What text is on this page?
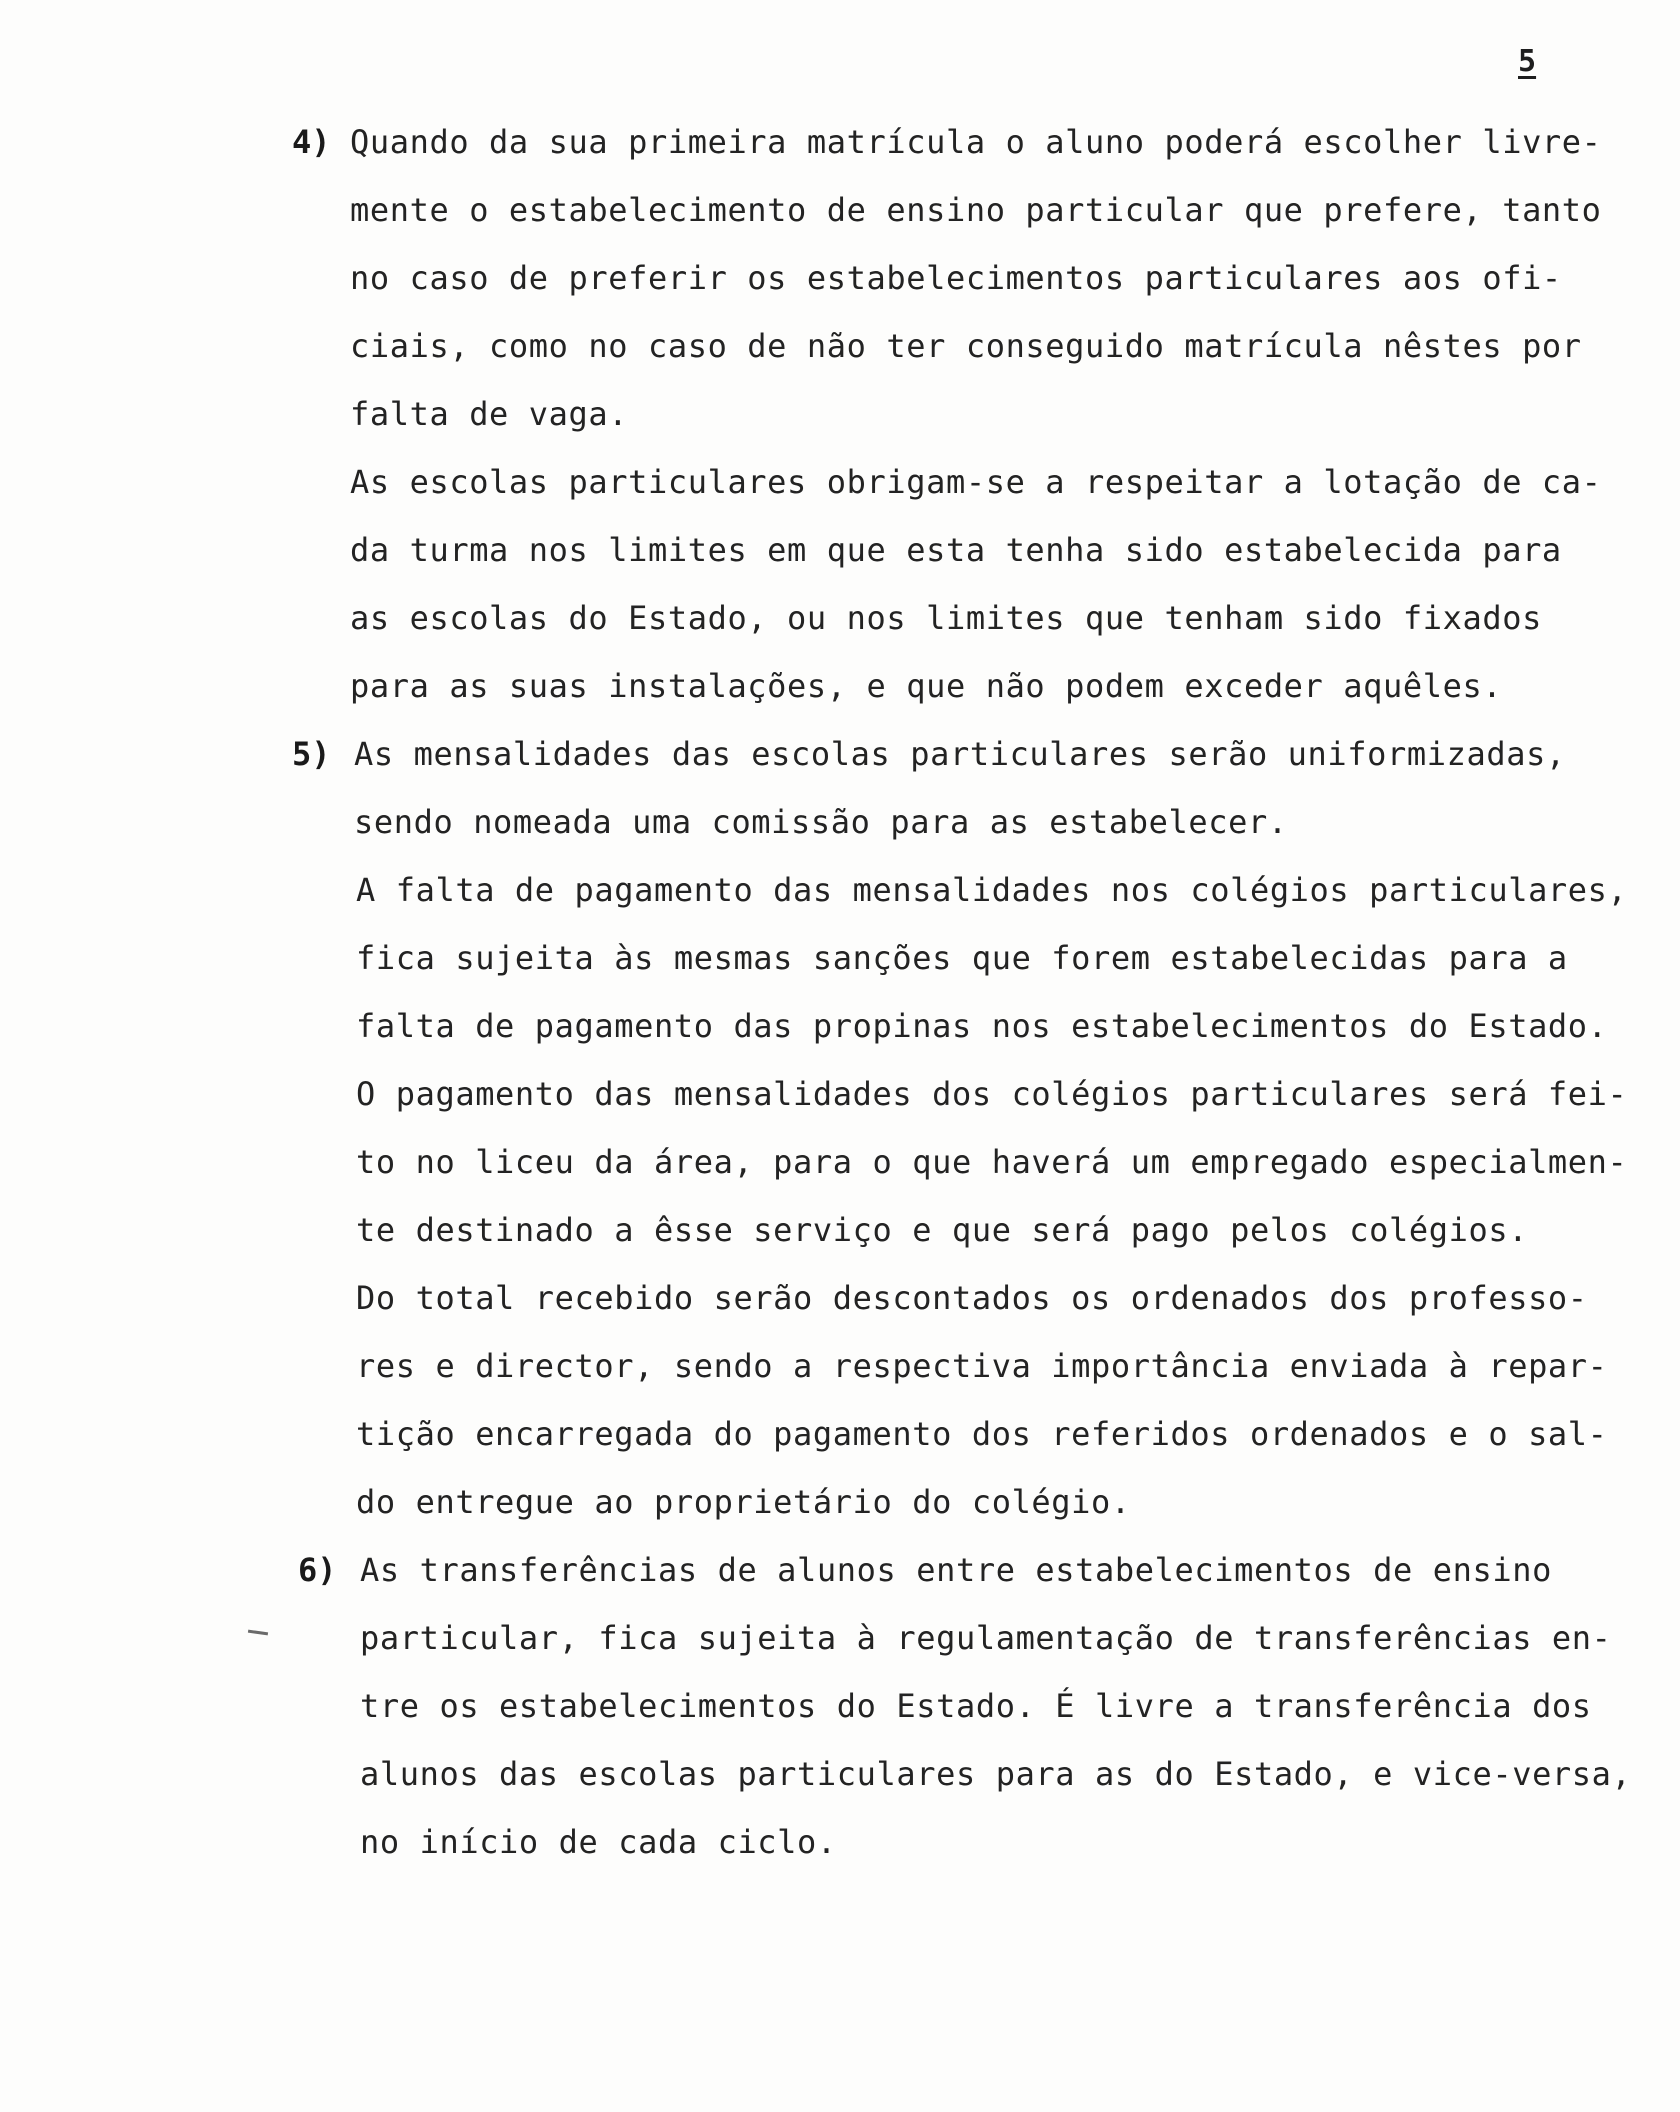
5
4) Quando da sua primeira matrícula o aluno poderá escolher livre-
mente o estabelecimento de ensino particular que prefere, tanto
no caso de preferir os estabelecimentos particulares aos ofi-
ciais, como no caso de não ter conseguido matrícula nêstes por
falta de vaga.
As escolas particulares obrigam-se a respeitar a lotação de ca-
da turma nos limites em que esta tenha sido estabelecida para
as escolas do Estado, ou nos limites que tenham sido fixados
para as suas instalações, e que não podem exceder aquêles.
5) As mensalidades das escolas particulares serão uniformizadas,
sendo nomeada uma comissão para as estabelecer.
A falta de pagamento das mensalidades nos colégios particulares,
fica sujeita às mesmas sanções que forem estabelecidas para a
falta de pagamento das propinas nos estabelecimentos do Estado.
O pagamento das mensalidades dos colégios particulares será fei-
to no liceu da área, para o que haverá um empregado especialmen-
te destinado a êsse serviço e que será pago pelos colégios.
Do total recebido serão descontados os ordenados dos professo-
res e director, sendo a respectiva importância enviada à repar-
tição encarregada do pagamento dos referidos ordenados e o sal-
do entregue ao proprietário do colégio.
6) As transferências de alunos entre estabelecimentos de ensino
particular, fica sujeita à regulamentação de transferências en-
tre os estabelecimentos do Estado. É livre a transferência dos
alunos das escolas particulares para as do Estado, e vice-versa,
no início de cada ciclo.
